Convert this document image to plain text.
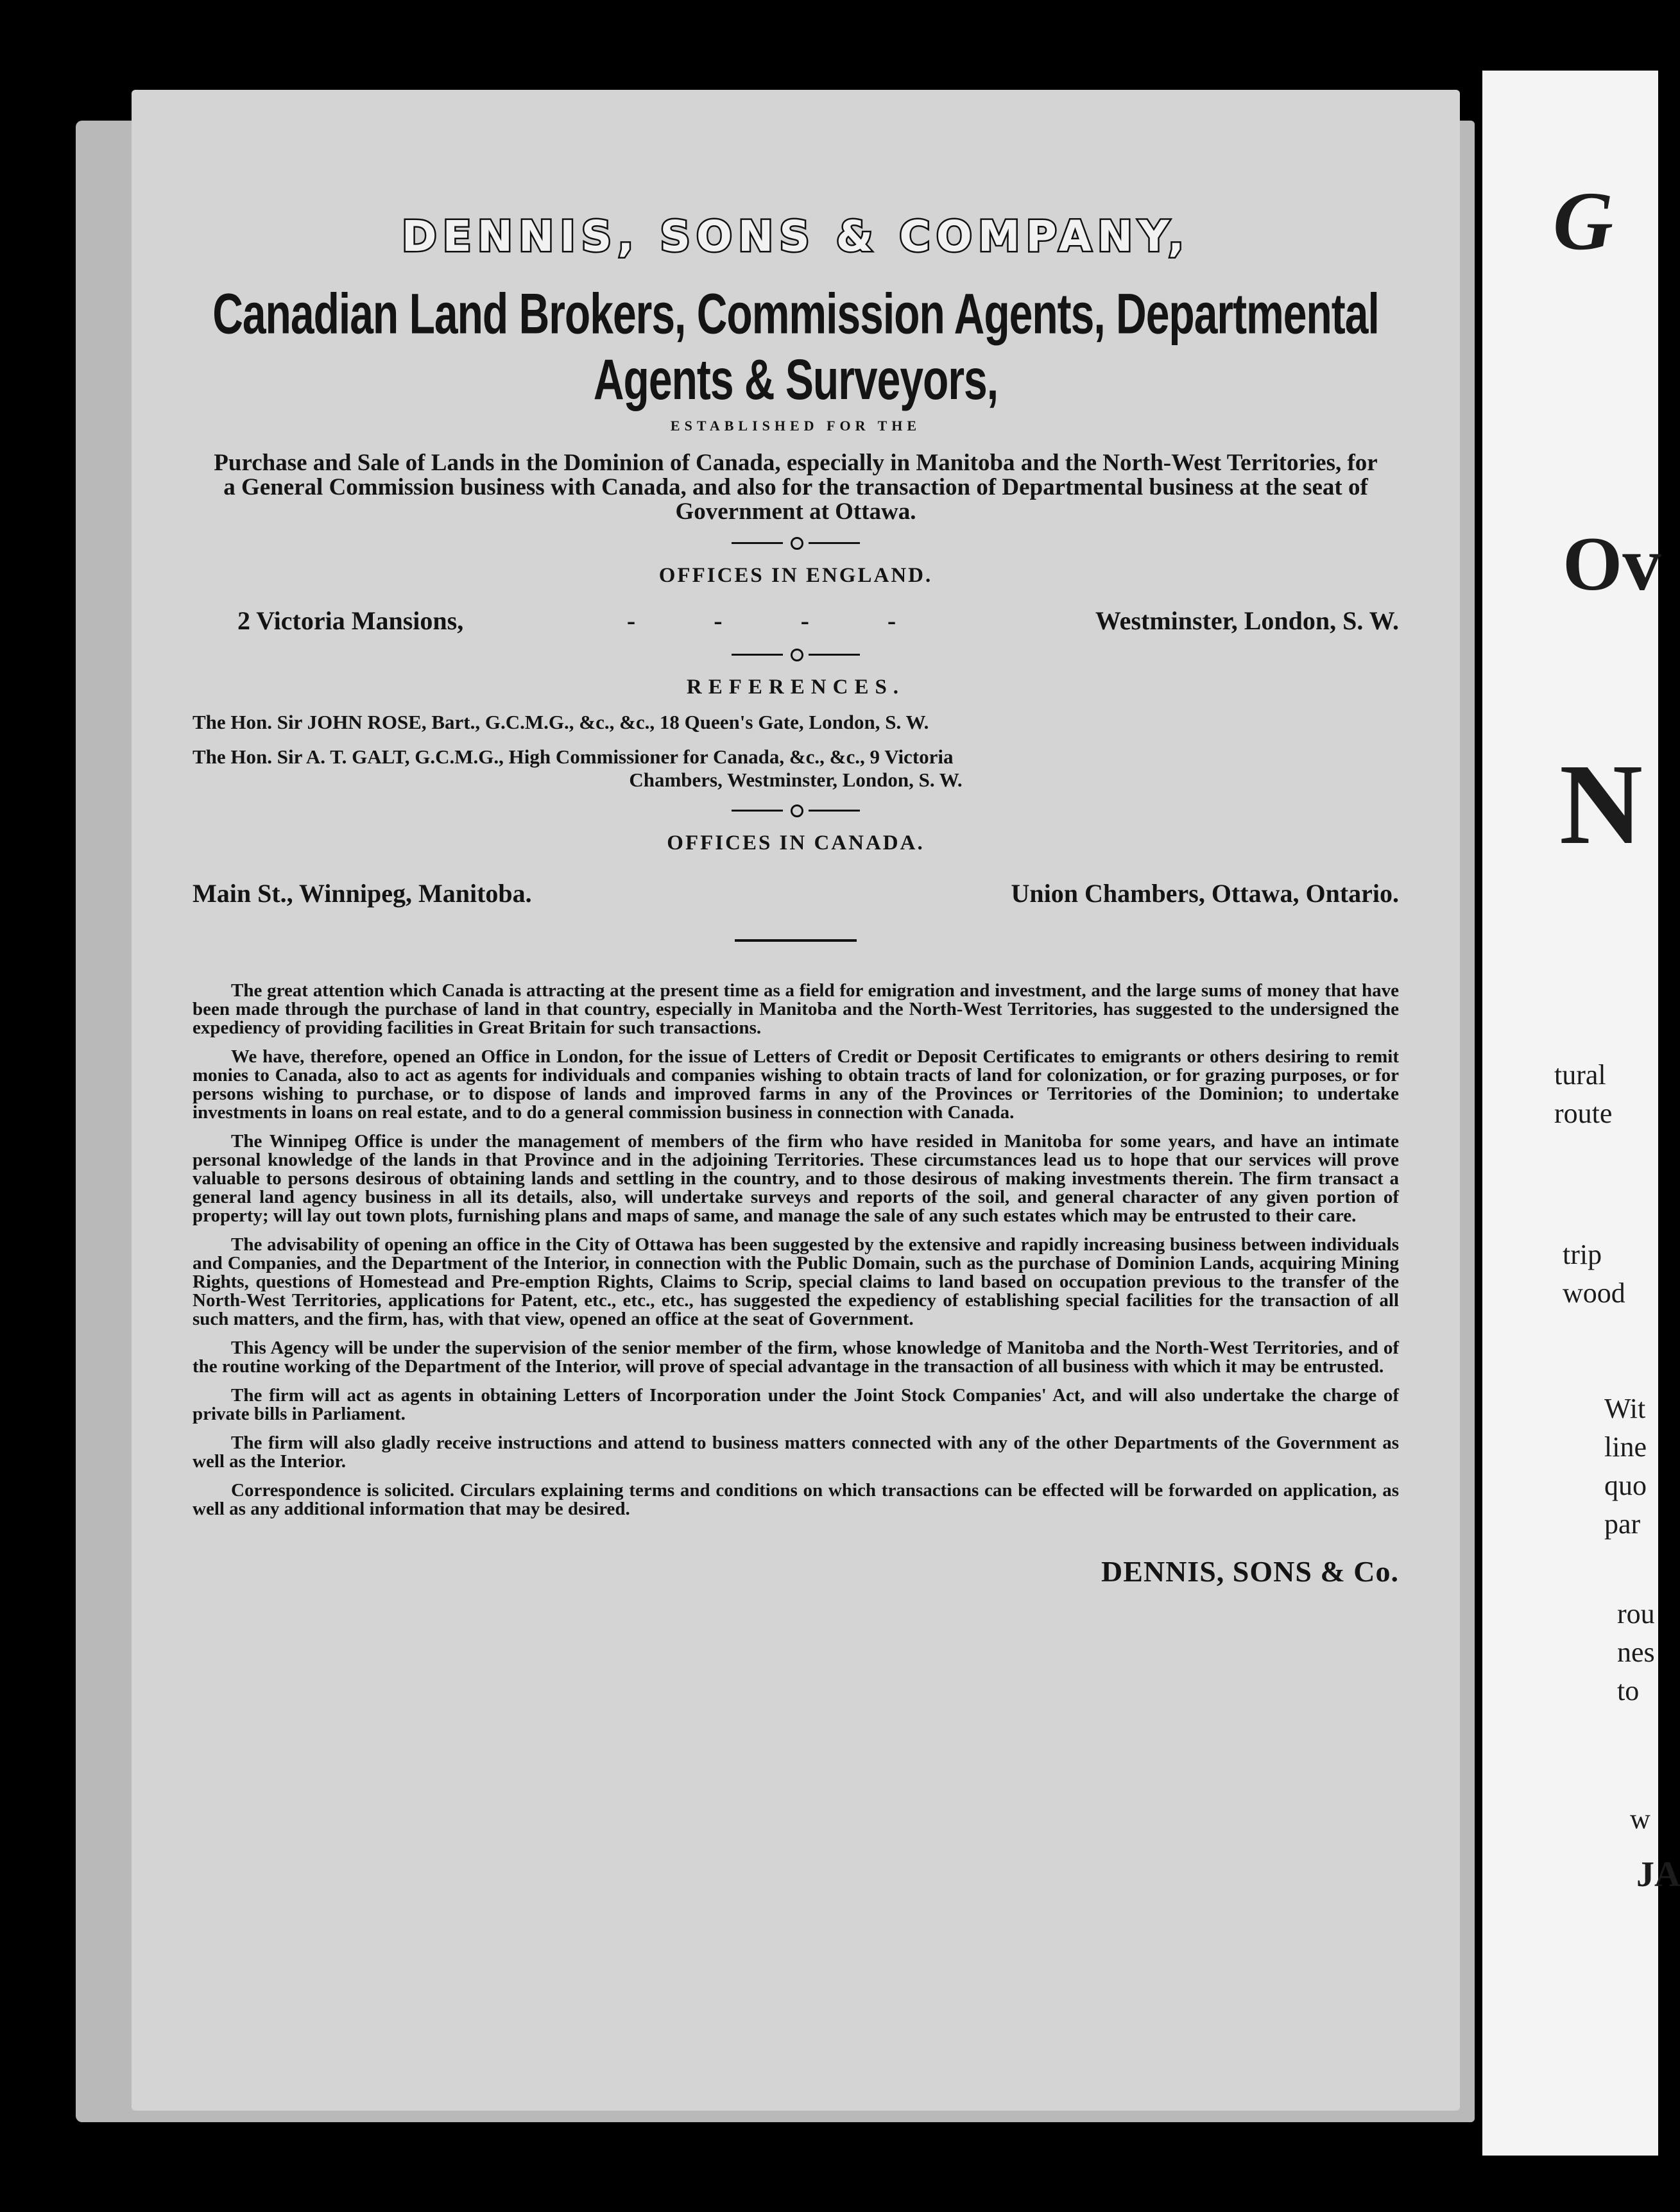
DENNIS, SONS & COMPANY,
Canadian Land Brokers, Commission Agents, Departmental Agents & Surveyors,
ESTABLISHED FOR THE
Purchase and Sale of Lands in the Dominion of Canada, especially in Manitoba and the North-West Territories, for a General Commission business with Canada, and also for the transaction of Departmental business at the seat of Government at Ottawa.
OFFICES IN ENGLAND.
2 Victoria Mansions,	- - - -	Westminster, London, S. W.
REFERENCES.
The Hon. Sir JOHN ROSE, Bart., G.C.M.G., &c., &c., 18 Queen's Gate, London, S. W.
The Hon. Sir A. T. GALT, G.C.M.G., High Commissioner for Canada, &c., &c., 9 Victoria
Chambers, Westminster, London, S. W.
OFFICES IN CANADA.
Main St., Winnipeg, Manitoba.	Union Chambers, Ottawa, Ontario.

The great attention which Canada is attracting at the present time as a field for emigration and investment, and the large sums of money that have been made through the purchase of land in that country, especially in Manitoba and the North-West Territories, has suggested to the undersigned the expediency of providing facilities in Great Britain for such transactions.

We have, therefore, opened an Office in London, for the issue of Letters of Credit or Deposit Certificates to emigrants or others desiring to remit monies to Canada, also to act as agents for individuals and companies wishing to obtain tracts of land for colonization, or for grazing purposes, or for persons wishing to purchase, or to dispose of lands and improved farms in any of the Provinces or Territories of the Dominion; to undertake investments in loans on real estate, and to do a general commission business in connection with Canada.

The Winnipeg Office is under the management of members of the firm who have resided in Manitoba for some years, and have an intimate personal knowledge of the lands in that Province and in the adjoining Territories. These circumstances lead us to hope that our services will prove valuable to persons desirous of obtaining lands and settling in the country, and to those desirous of making investments therein. The firm transact a general land agency business in all its details, also, will undertake surveys and reports of the soil, and general character of any given portion of property; will lay out town plots, furnishing plans and maps of same, and manage the sale of any such estates which may be entrusted to their care.

The advisability of opening an office in the City of Ottawa has been suggested by the extensive and rapidly increasing business between individuals and Companies, and the Department of the Interior, in connection with the Public Domain, such as the purchase of Dominion Lands, acquiring Mining Rights, questions of Homestead and Pre-emption Rights, Claims to Scrip, special claims to land based on occupation previous to the transfer of the North-West Territories, applications for Patent, etc., etc., etc., has suggested the expediency of establishing special facilities for the transaction of all such matters, and the firm, has, with that view, opened an office at the seat of Government.

This Agency will be under the supervision of the senior member of the firm, whose knowledge of Manitoba and the North-West Territories, and of the routine working of the Department of the Interior, will prove of special advantage in the transaction of all business with which it may be entrusted.

The firm will act as agents in obtaining Letters of Incorporation under the Joint Stock Companies' Act, and will also undertake the charge of private bills in Parliament.

The firm will also gladly receive instructions and attend to business matters connected with any of the other Departments of the Government as well as the Interior.

Correspondence is solicited. Circulars explaining terms and conditions on which transactions can be effected will be forwarded on application, as well as any additional information that may be desired.

DENNIS, SONS & Co.
G
Ov
N
tural
route
trip
wood
Wit
line
quo
par
rou
nes
to
w
JA
